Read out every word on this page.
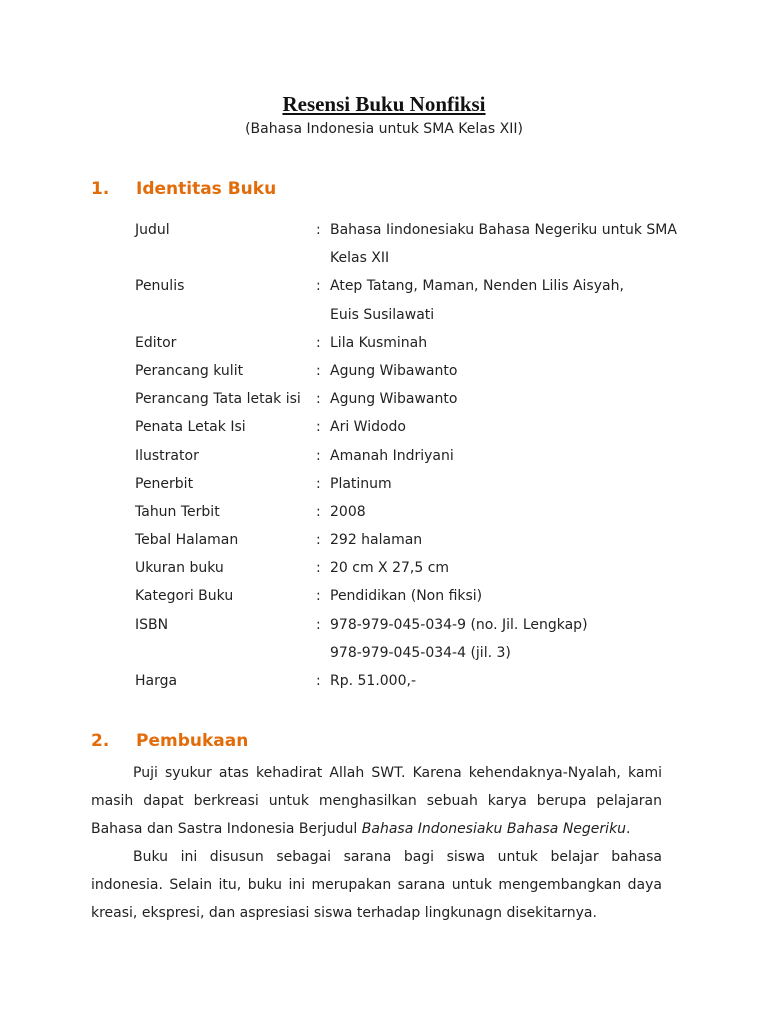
Resensi Buku Nonfiksi
(Bahasa Indonesia untuk SMA Kelas XII)
1. Identitas Buku
Judul	: Bahasa Iindonesiaku Bahasa Negeriku untuk SMA
Kelas XII
Penulis	: Atep Tatang, Maman, Nenden Lilis Aisyah,
Euis Susilawati
Editor	: Lila Kusminah
Perancang kulit	: Agung Wibawanto
Perancang Tata letak isi : Agung Wibawanto
Penata Letak Isi	: Ari Widodo
Ilustrator	: Amanah Indriyani
Penerbit	: Platinum
Tahun Terbit	: 2008
Tebal Halaman	: 292 halaman
Ukuran buku	: 20 cm X 27,5 cm
Kategori Buku	: Pendidikan (Non fiksi)
ISBN	: 978-979-045-034-9 (no. Jil. Lengkap)
978-979-045-034-4 (jil. 3)
Harga	: Rp. 51.000,-
2. Pembukaan
Puji syukur atas kehadirat Allah SWT. Karena kehendaknya-Nyalah, kami masih dapat berkreasi untuk menghasilkan sebuah karya berupa pelajaran Bahasa dan Sastra Indonesia Berjudul Bahasa Indonesiaku Bahasa Negeriku.
Buku ini disusun sebagai sarana bagi siswa untuk belajar bahasa indonesia. Selain itu, buku ini merupakan sarana untuk mengembangkan daya kreasi, ekspresi, dan aspresiasi siswa terhadap lingkunagn disekitarnya.
